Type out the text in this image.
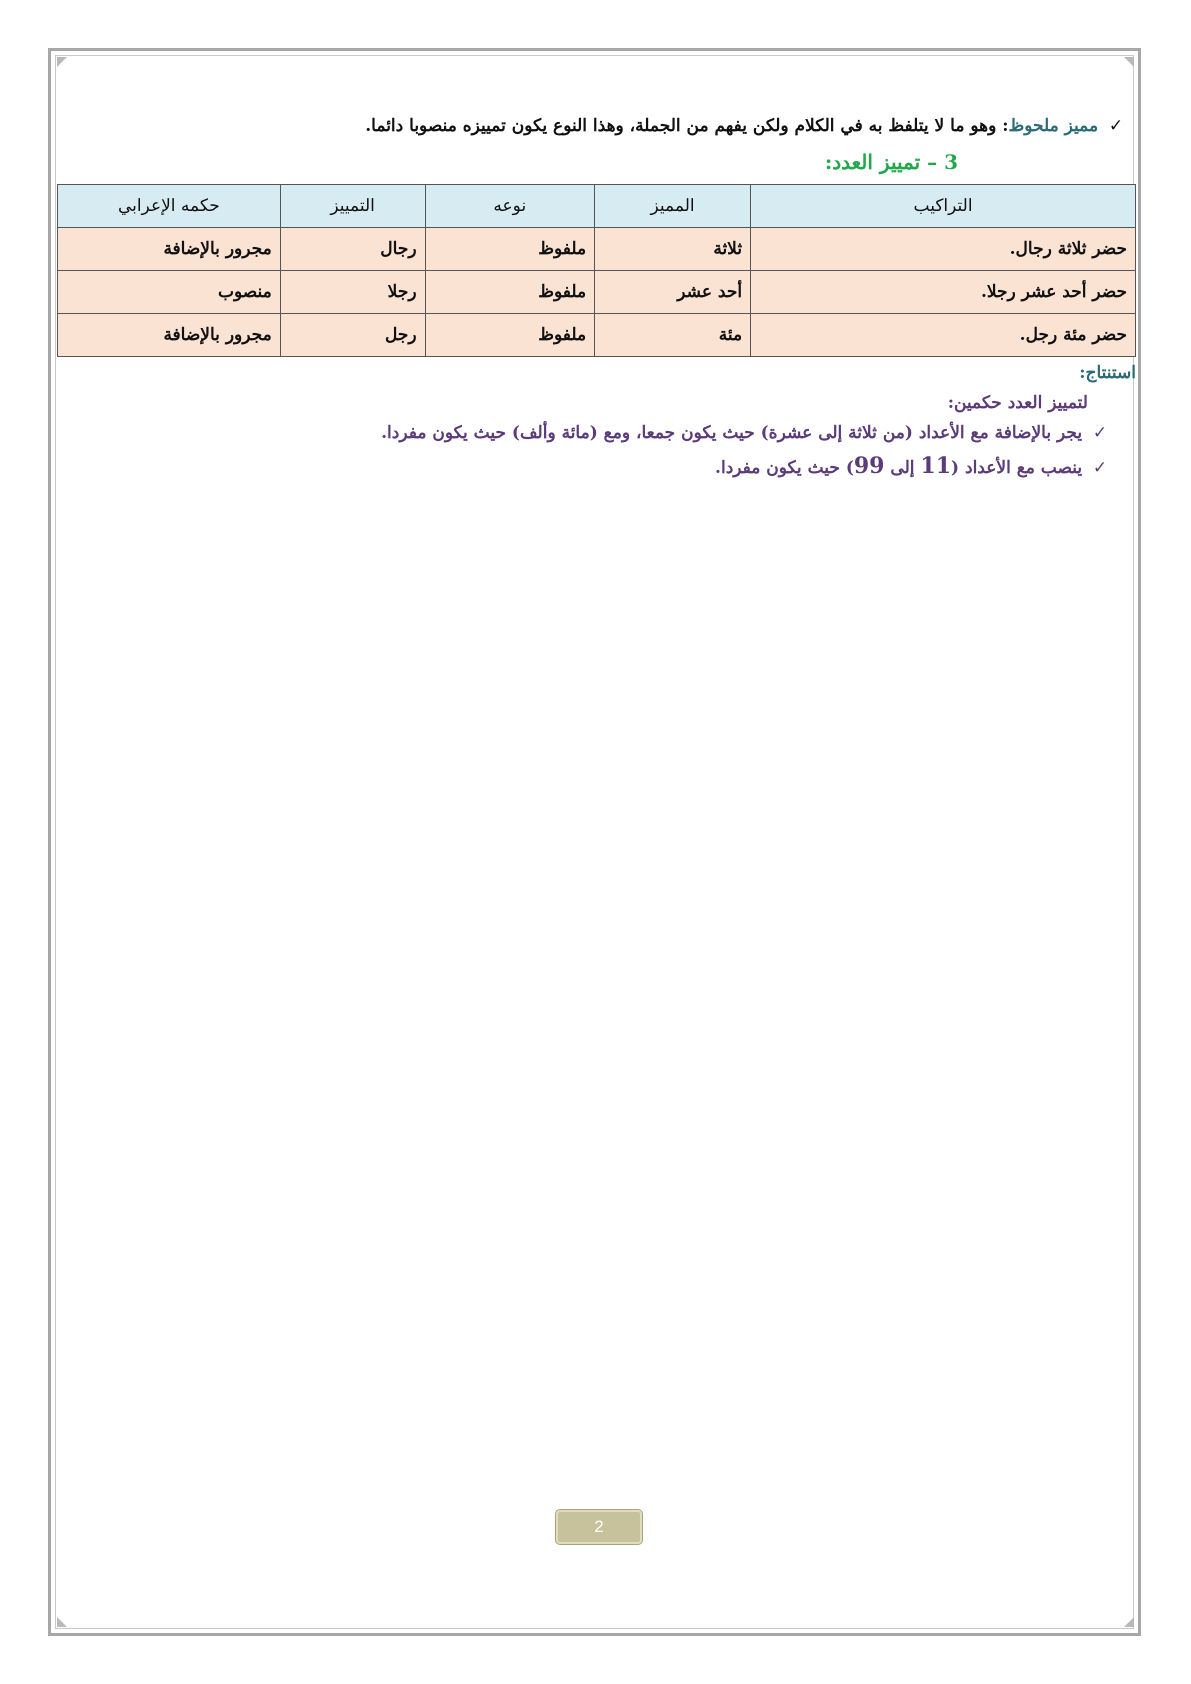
✓ مميز ملحوظ: وهو ما لا يتلفظ به في الكلام ولكن يفهم من الجملة، وهذا النوع يكون تمييزه منصوبا دائما.
3 – تمييز العدد:
التراكيب	المميز	نوعه	التمييز	حكمه الإعرابي
حضر ثلاثة رجال.	ثلاثة	ملفوظ	رجال	مجرور بالإضافة
حضر أحد عشر رجلا.	أحد عشر	ملفوظ	رجلا	منصوب
حضر مئة رجل.	مئة	ملفوظ	رجل	مجرور بالإضافة
استنتاج:
لتمييز العدد حكمين:
✓ يجر بالإضافة مع الأعداد (من ثلاثة إلى عشرة) حيث يكون جمعا، ومع (مائة وألف) حيث يكون مفردا.
✓ ينصب مع الأعداد (11 إلى 99) حيث يكون مفردا.
2
